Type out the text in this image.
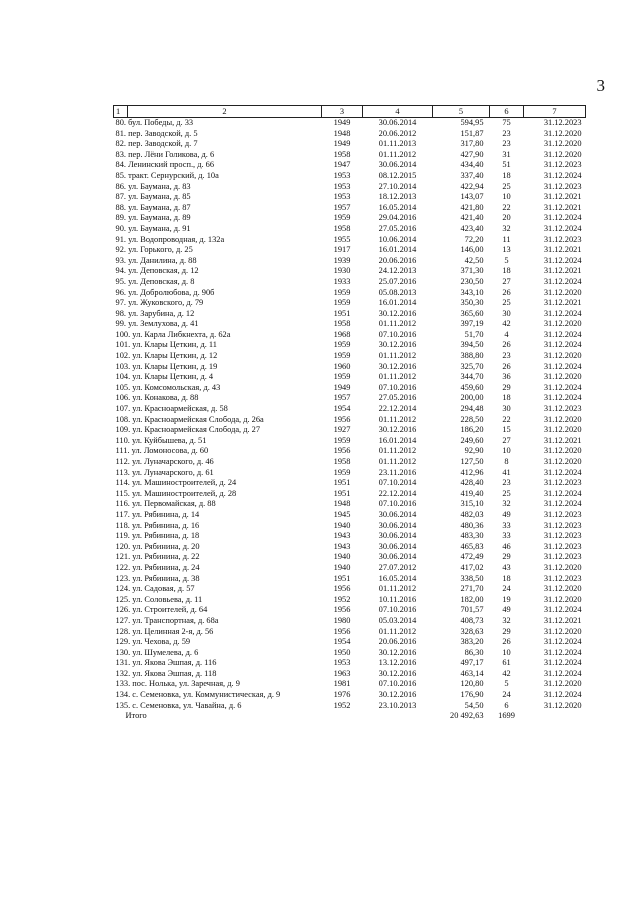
3
1	2	3	4	5	6	7
80. бул. Победы, д. 33		1949	30.06.2014	594,95	75	31.12.2023
81. пер. Заводской, д. 5		1948	20.06.2012	151,87	23	31.12.2020
82. пер. Заводской, д. 7		1949	01.11.2013	317,80	23	31.12.2020
83. пер. Лёни Голикова, д. 6		1958	01.11.2012	427,90	31	31.12.2020
84. Ленинский просп., д. 66		1947	30.06.2014	434,40	51	31.12.2023
85. тракт. Сернурский, д. 10а		1953	08.12.2015	337,40	18	31.12.2024
86. ул. Баумана, д. 83		1953	27.10.2014	422,94	25	31.12.2023
87. ул. Баумана, д. 85		1953	18.12.2013	143,07	10	31.12.2021
88. ул. Баумана, д. 87		1957	16.05.2014	421,80	22	31.12.2021
89. ул. Баумана, д. 89		1959	29.04.2016	421,40	20	31.12.2024
90. ул. Баумана, д. 91		1958	27.05.2016	423,40	32	31.12.2024
91. ул. Водопроводная, д. 132а		1955	10.06.2014	72,20	11	31.12.2023
92. ул. Горького, д. 25		1917	16.01.2014	146,00	13	31.12.2021
93. ул. Данилина, д. 88		1939	20.06.2016	42,50	5	31.12.2024
94. ул. Деповская, д. 12		1930	24.12.2013	371,30	18	31.12.2021
95. ул. Деповская, д. 8		1933	25.07.2016	230,50	27	31.12.2024
96. ул. Добролюбова, д. 90б		1959	05.08.2013	343,10	26	31.12.2020
97. ул. Жуковского, д. 79		1959	16.01.2014	350,30	25	31.12.2021
98. ул. Зарубина, д. 12		1951	30.12.2016	365,60	30	31.12.2024
99. ул. Землухова, д. 41		1958	01.11.2012	397,19	42	31.12.2020
100. ул. Карла Либкнехта, д. 62а		1968	07.10.2016	51,70	4	31.12.2024
101. ул. Клары Цеткин, д. 11		1959	30.12.2016	394,50	26	31.12.2024
102. ул. Клары Цеткин, д. 12		1959	01.11.2012	388,80	23	31.12.2020
103. ул. Клары Цеткин, д. 19		1960	30.12.2016	325,70	26	31.12.2024
104. ул. Клары Цеткин, д. 4		1959	01.11.2012	344,70	36	31.12.2020
105. ул. Комсомольская, д. 43		1949	07.10.2016	459,60	29	31.12.2024
106. ул. Конакова, д. 88		1957	27.05.2016	200,00	18	31.12.2024
107. ул. Красноармейская, д. 58		1954	22.12.2014	294,48	30	31.12.2023
108. ул. Красноармейская Слобода, д. 26а		1956	01.11.2012	228,50	22	31.12.2020
109. ул. Красноармейская Слобода, д. 27		1927	30.12.2016	186,20	15	31.12.2020
110. ул. Куйбышева, д. 51		1959	16.01.2014	249,60	27	31.12.2021
111. ул. Ломоносова, д. 60		1956	01.11.2012	92,90	10	31.12.2020
112. ул. Луначарского, д. 46		1958	01.11.2012	127,50	8	31.12.2020
113. ул. Луначарского, д. 61		1959	23.11.2016	412,96	41	31.12.2024
114. ул. Машиностроителей, д. 24		1951	07.10.2014	428,40	23	31.12.2023
115. ул. Машиностроителей, д. 28		1951	22.12.2014	419,40	25	31.12.2024
116. ул. Первомайская, д. 88		1948	07.10.2016	315,10	32	31.12.2024
117. ул. Рябинина, д. 14		1945	30.06.2014	482,03	49	31.12.2023
118. ул. Рябинина, д. 16		1940	30.06.2014	480,36	33	31.12.2023
119. ул. Рябинина, д. 18		1943	30.06.2014	483,30	33	31.12.2023
120. ул. Рябинина, д. 20		1943	30.06.2014	465,83	46	31.12.2023
121. ул. Рябинина, д. 22		1940	30.06.2014	472,49	29	31.12.2023
122. ул. Рябинина, д. 24		1940	27.07.2012	417,02	43	31.12.2020
123. ул. Рябинина, д. 38		1951	16.05.2014	338,50	18	31.12.2023
124. ул. Садовая, д. 57		1956	01.11.2012	271,70	24	31.12.2020
125. ул. Соловьева, д. 11		1952	10.11.2016	182,00	19	31.12.2020
126. ул. Строителей, д. 64		1956	07.10.2016	701,57	49	31.12.2024
127. ул. Транспортная, д. 68а		1980	05.03.2014	408,73	32	31.12.2021
128. ул. Целинная 2-я, д. 56		1956	01.11.2012	328,63	29	31.12.2020
129. ул. Чехова, д. 59		1954	20.06.2016	383,20	26	31.12.2024
130. ул. Шумелева, д. 6		1950	30.12.2016	86,30	10	31.12.2024
131. ул. Якова Эшпая, д. 116		1953	13.12.2016	497,17	61	31.12.2024
132. ул. Якова Эшпая, д. 118		1963	30.12.2016	463,14	42	31.12.2024
133. пос. Нолька, ул. Заречная, д. 9		1981	07.10.2016	120,80	5	31.12.2020
134. с. Семеновка, ул. Коммунистическая, д. 9		1976	30.12.2016	176,90	24	31.12.2024
135. с. Семеновка, ул. Чавайна, д. 6		1952	23.10.2013	54,50	6	31.12.2020
Итого				20 492,63	1699	
